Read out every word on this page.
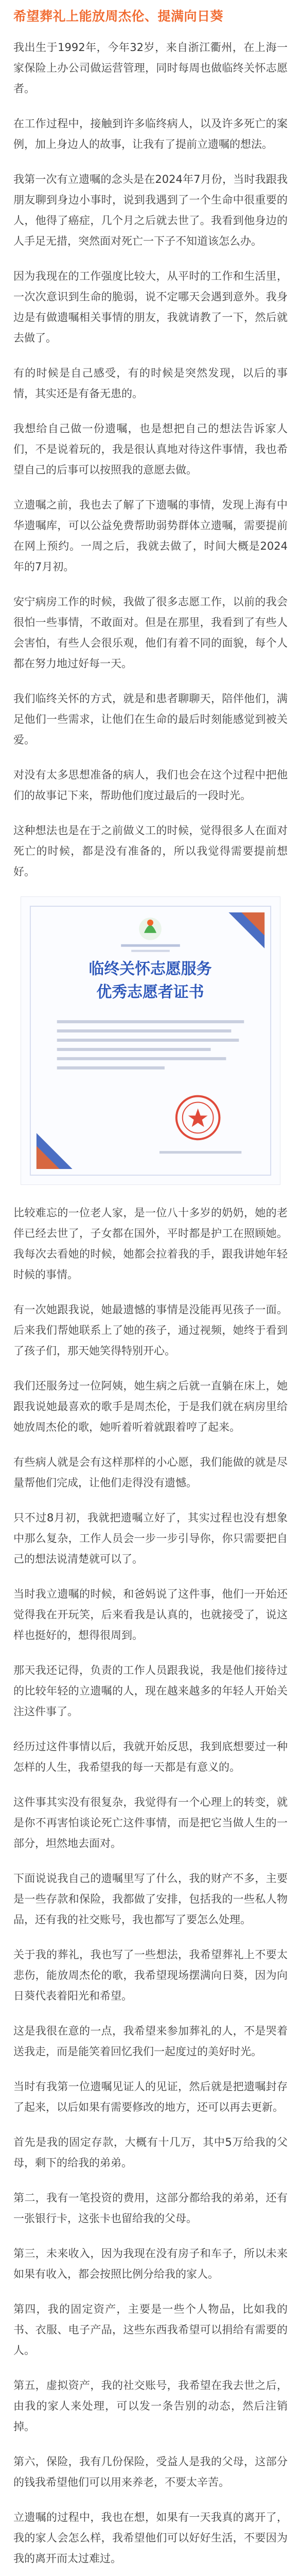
希望葬礼上能放周杰伦、提满向日葵

我出生于1992年，今年32岁，来自浙江衢州，在上海一家保险上办公司做运营管理，同时每周也做临终关怀志愿者。

在工作过程中，接触到许多临终病人，以及许多死亡的案例，加上身边人的故事，让我有了提前立遗嘱的想法。

我第一次有立遗嘱的念头是在2024年7月份，当时我跟我朋友聊到身边小事时，说到我遇到了一个生命中很重要的人，他得了癌症，几个月之后就去世了。我看到他身边的人手足无措，突然面对死亡一下子不知道该怎么办。

因为我现在的工作强度比较大，从平时的工作和生活里，一次次意识到生命的脆弱，说不定哪天会遇到意外。我身边是有做遗嘱相关事情的朋友，我就请教了一下，然后就去做了。

有的时候是自己感受，有的时候是突然发现，以后的事情，其实还是有备无患的。

我想给自己做一份遗嘱，也是想把自己的想法告诉家人们，不是说着玩的，我是很认真地对待这件事情，我也希望自己的后事可以按照我的意愿去做。

立遗嘱之前，我也去了解了下遗嘱的事情，发现上海有中华遗嘱库，可以公益免费帮助弱势群体立遗嘱，需要提前在网上预约。一周之后，我就去做了，时间大概是2024年的7月初。

安宁病房工作的时候，我做了很多志愿工作，以前的我会很怕一些事情，不敢面对。但是在那里，我看到了有些人会害怕，有些人会很乐观，他们有着不同的面貌，每个人都在努力地过好每一天。

我们临终关怀的方式，就是和患者聊聊天，陪伴他们，满足他们一些需求，让他们在生命的最后时刻能感觉到被关爱。

对没有太多思想准备的病人，我们也会在这个过程中把他们的故事记下来，帮助他们度过最后的一段时光。

这种想法也是在于之前做义工的时候，觉得很多人在面对死亡的时候，都是没有准备的，所以我觉得需要提前想好。

临终关怀志愿服务
优秀志愿者证书

比较难忘的一位老人家，是一位八十多岁的奶奶，她的老伴已经去世了，子女都在国外，平时都是护工在照顾她。我每次去看她的时候，她都会拉着我的手，跟我讲她年轻时候的事情。

有一次她跟我说，她最遗憾的事情是没能再见孩子一面。后来我们帮她联系上了她的孩子，通过视频，她终于看到了孩子们，那天她笑得特别开心。

我们还服务过一位阿姨，她生病之后就一直躺在床上，她跟我说她最喜欢的歌手是周杰伦，于是我们就在病房里给她放周杰伦的歌，她听着听着就跟着哼了起来。

有些病人就是会有这样那样的小心愿，我们能做的就是尽量帮他们完成，让他们走得没有遗憾。

只不过8月初，我就把遗嘱立好了，其实过程也没有想象中那么复杂，工作人员会一步一步引导你，你只需要把自己的想法说清楚就可以了。

当时我立遗嘱的时候，和爸妈说了这件事，他们一开始还觉得我在开玩笑，后来看我是认真的，也就接受了，说这样也挺好的，想得很周到。

那天我还记得，负责的工作人员跟我说，我是他们接待过的比较年轻的立遗嘱的人，现在越来越多的年轻人开始关注这件事了。

经历过这件事情以后，我就开始反思，我到底想要过一种怎样的人生，我希望我的每一天都是有意义的。

这件事其实没有很复杂，我觉得有一个心理上的转变，就是你不再害怕谈论死亡这件事情，而是把它当做人生的一部分，坦然地去面对。

下面说说我自己的遗嘱里写了什么，我的财产不多，主要是一些存款和保险，我都做了安排，包括我的一些私人物品，还有我的社交账号，我也都写了要怎么处理。

关于我的葬礼，我也写了一些想法，我希望葬礼上不要太悲伤，能放周杰伦的歌，我希望现场摆满向日葵，因为向日葵代表着阳光和希望。

这是我很在意的一点，我希望来参加葬礼的人，不是哭着送我走，而是能笑着回忆我们一起度过的美好时光。

当时有我第一位遗嘱见证人的见证，然后就是把遗嘱封存了起来，以后如果有需要修改的地方，还可以再去更新。

首先是我的固定存款，大概有十几万，其中5万给我的父母，剩下的给我的弟弟。

第二，我有一笔投资的费用，这部分都给我的弟弟，还有一张银行卡，这张卡也留给我的父母。

第三，未来收入，因为我现在没有房子和车子，所以未来如果有收入，都会按照比例分给我的家人。

第四，我的固定资产，主要是一些个人物品，比如我的书、衣服、电子产品，这些东西我希望可以捐给有需要的人。

第五，虚拟资产，我的社交账号，我希望在我去世之后，由我的家人来处理，可以发一条告别的动态，然后注销掉。

第六，保险，我有几份保险，受益人是我的父母，这部分的钱我希望他们可以用来养老，不要太辛苦。

立遗嘱的过程中，我也在想，如果有一天我真的离开了，我的家人会怎么样，我希望他们可以好好生活，不要因为我的离开而太过难过。
